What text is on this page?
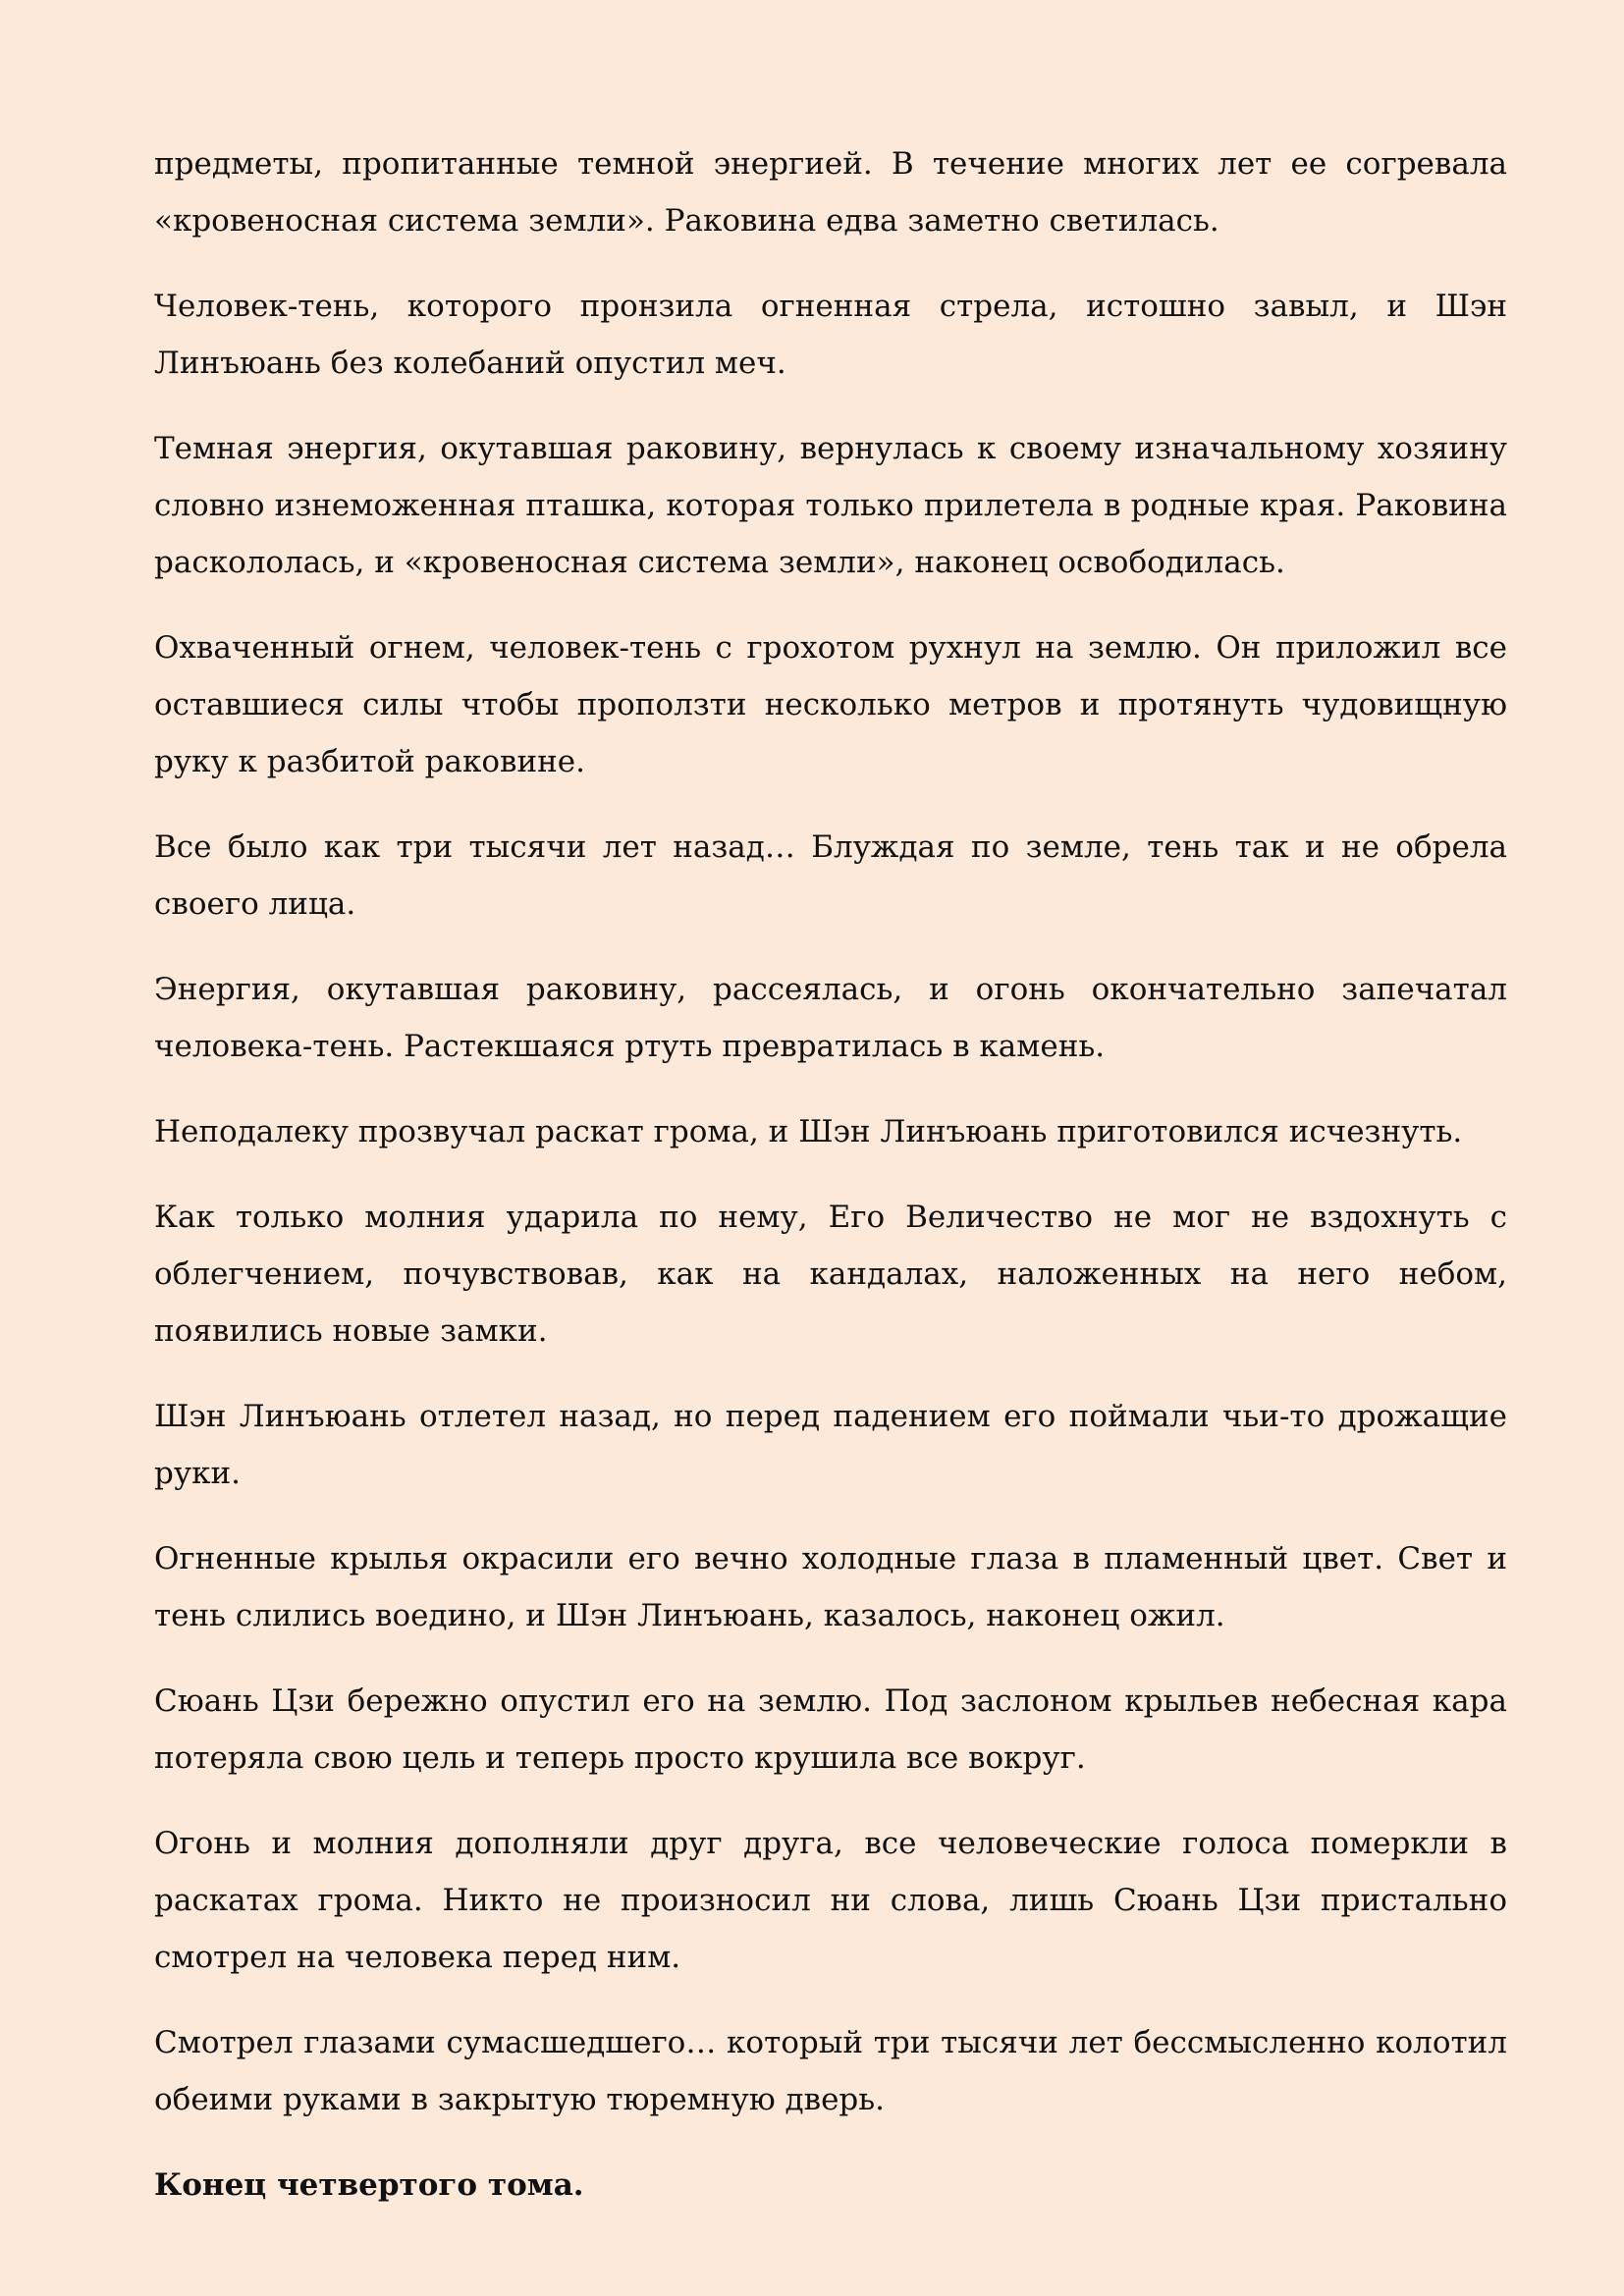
предметы, пропитанные темной энергией. В течение многих лет ее согревала «кровеносная система земли». Раковина едва заметно светилась.

Человек-тень, которого пронзила огненная стрела, истошно завыл, и Шэн Линъюань без колебаний опустил меч.

Темная энергия, окутавшая раковину, вернулась к своему изначальному хозяину словно изнеможенная пташка, которая только прилетела в родные края. Раковина раскололась, и «кровеносная система земли», наконец освободилась.

Охваченный огнем, человек-тень с грохотом рухнул на землю. Он приложил все оставшиеся силы чтобы проползти несколько метров и протянуть чудовищную руку к разбитой раковине.

Все было как три тысячи лет назад… Блуждая по земле, тень так и не обрела своего лица.

Энергия, окутавшая раковину, рассеялась, и огонь окончательно запечатал человека-тень. Растекшаяся ртуть превратилась в камень.

Неподалеку прозвучал раскат грома, и Шэн Линъюань приготовился исчезнуть.

Как только молния ударила по нему, Его Величество не мог не вздохнуть с облегчением, почувствовав, как на кандалах, наложенных на него небом, появились новые замки.

Шэн Линъюань отлетел назад, но перед падением его поймали чьи-то дрожащие руки.

Огненные крылья окрасили его вечно холодные глаза в пламенный цвет. Свет и тень слились воедино, и Шэн Линъюань, казалось, наконец ожил.

Сюань Цзи бережно опустил его на землю. Под заслоном крыльев небесная кара потеряла свою цель и теперь просто крушила все вокруг.

Огонь и молния дополняли друг друга, все человеческие голоса померкли в раскатах грома. Никто не произносил ни слова, лишь Сюань Цзи пристально смотрел на человека перед ним.

Смотрел глазами сумасшедшего… который три тысячи лет бессмысленно колотил обеими руками в закрытую тюремную дверь.

Конец четвертого тома.
